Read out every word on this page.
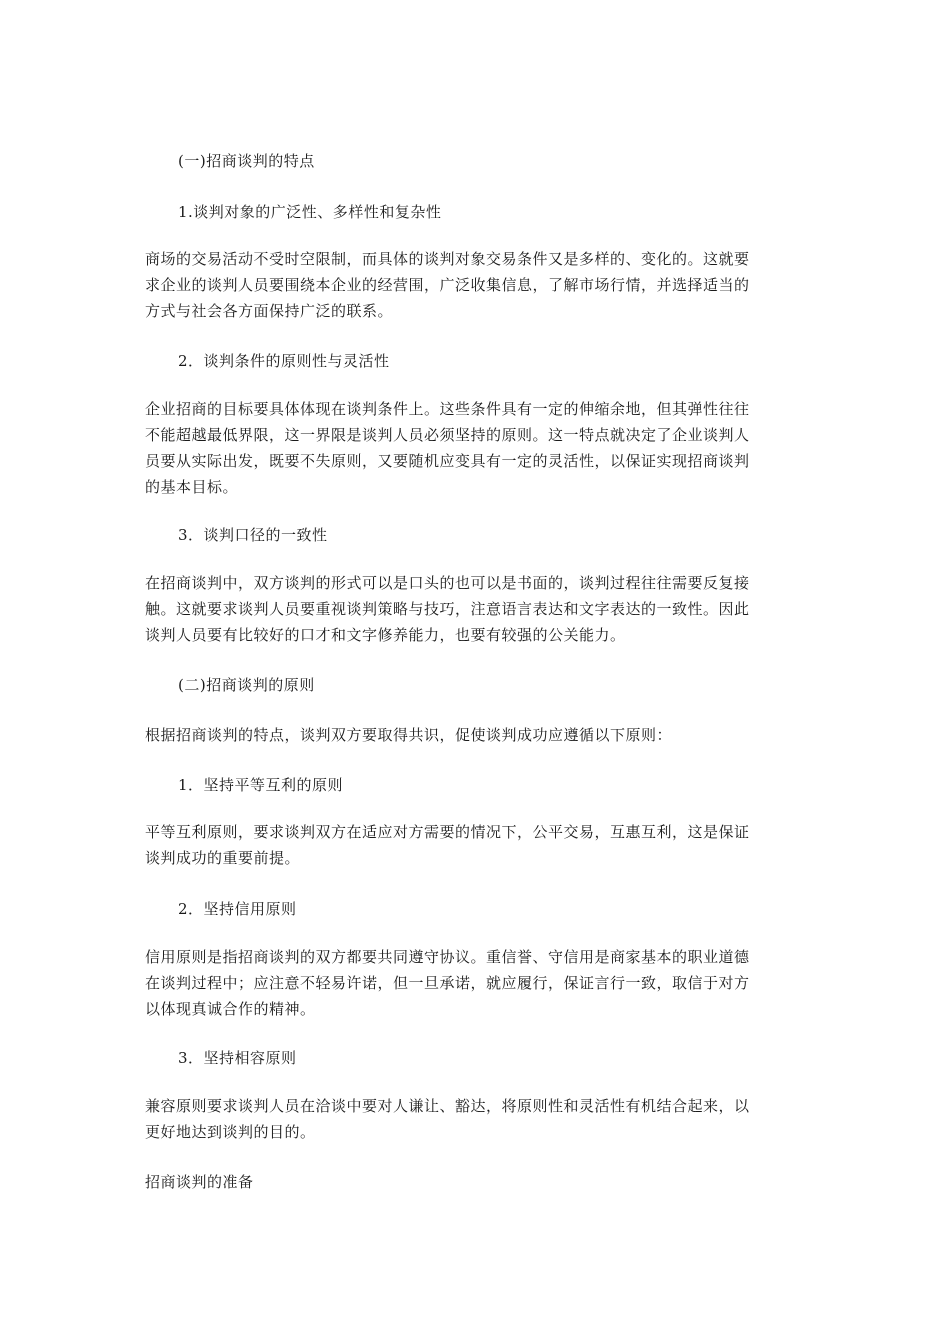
(一)招商谈判的特点
1.谈判对象的广泛性、多样性和复杂性
商场的交易活动不受时空限制，而具体的谈判对象交易条件又是多样的、变化的。这就要
求企业的谈判人员要围绕本企业的经营围，广泛收集信息，了解市场行情，并选择适当的
方式与社会各方面保持广泛的联系。
2．谈判条件的原则性与灵活性
企业招商的目标要具体体现在谈判条件上。这些条件具有一定的伸缩余地，但其弹性往往
不能超越最低界限，这一界限是谈判人员必须坚持的原则。这一特点就决定了企业谈判人
员要从实际出发，既要不失原则，又要随机应变具有一定的灵活性，以保证实现招商谈判
的基本目标。
3．谈判口径的一致性
在招商谈判中，双方谈判的形式可以是口头的也可以是书面的，谈判过程往往需要反复接
触。这就要求谈判人员要重视谈判策略与技巧，注意语言表达和文字表达的一致性。因此
谈判人员要有比较好的口才和文字修养能力，也要有较强的公关能力。
(二)招商谈判的原则
根据招商谈判的特点，谈判双方要取得共识，促使谈判成功应遵循以下原则：
1．坚持平等互利的原则
平等互利原则，要求谈判双方在适应对方需要的情况下，公平交易，互惠互利，这是保证
谈判成功的重要前提。
2．坚持信用原则
信用原则是指招商谈判的双方都要共同遵守协议。重信誉、守信用是商家基本的职业道德
在谈判过程中；应注意不轻易许诺，但一旦承诺，就应履行，保证言行一致，取信于对方
以体现真诚合作的精神。
3．坚持相容原则
兼容原则要求谈判人员在洽谈中要对人谦让、豁达，将原则性和灵活性有机结合起来，以
更好地达到谈判的目的。
招商谈判的准备
